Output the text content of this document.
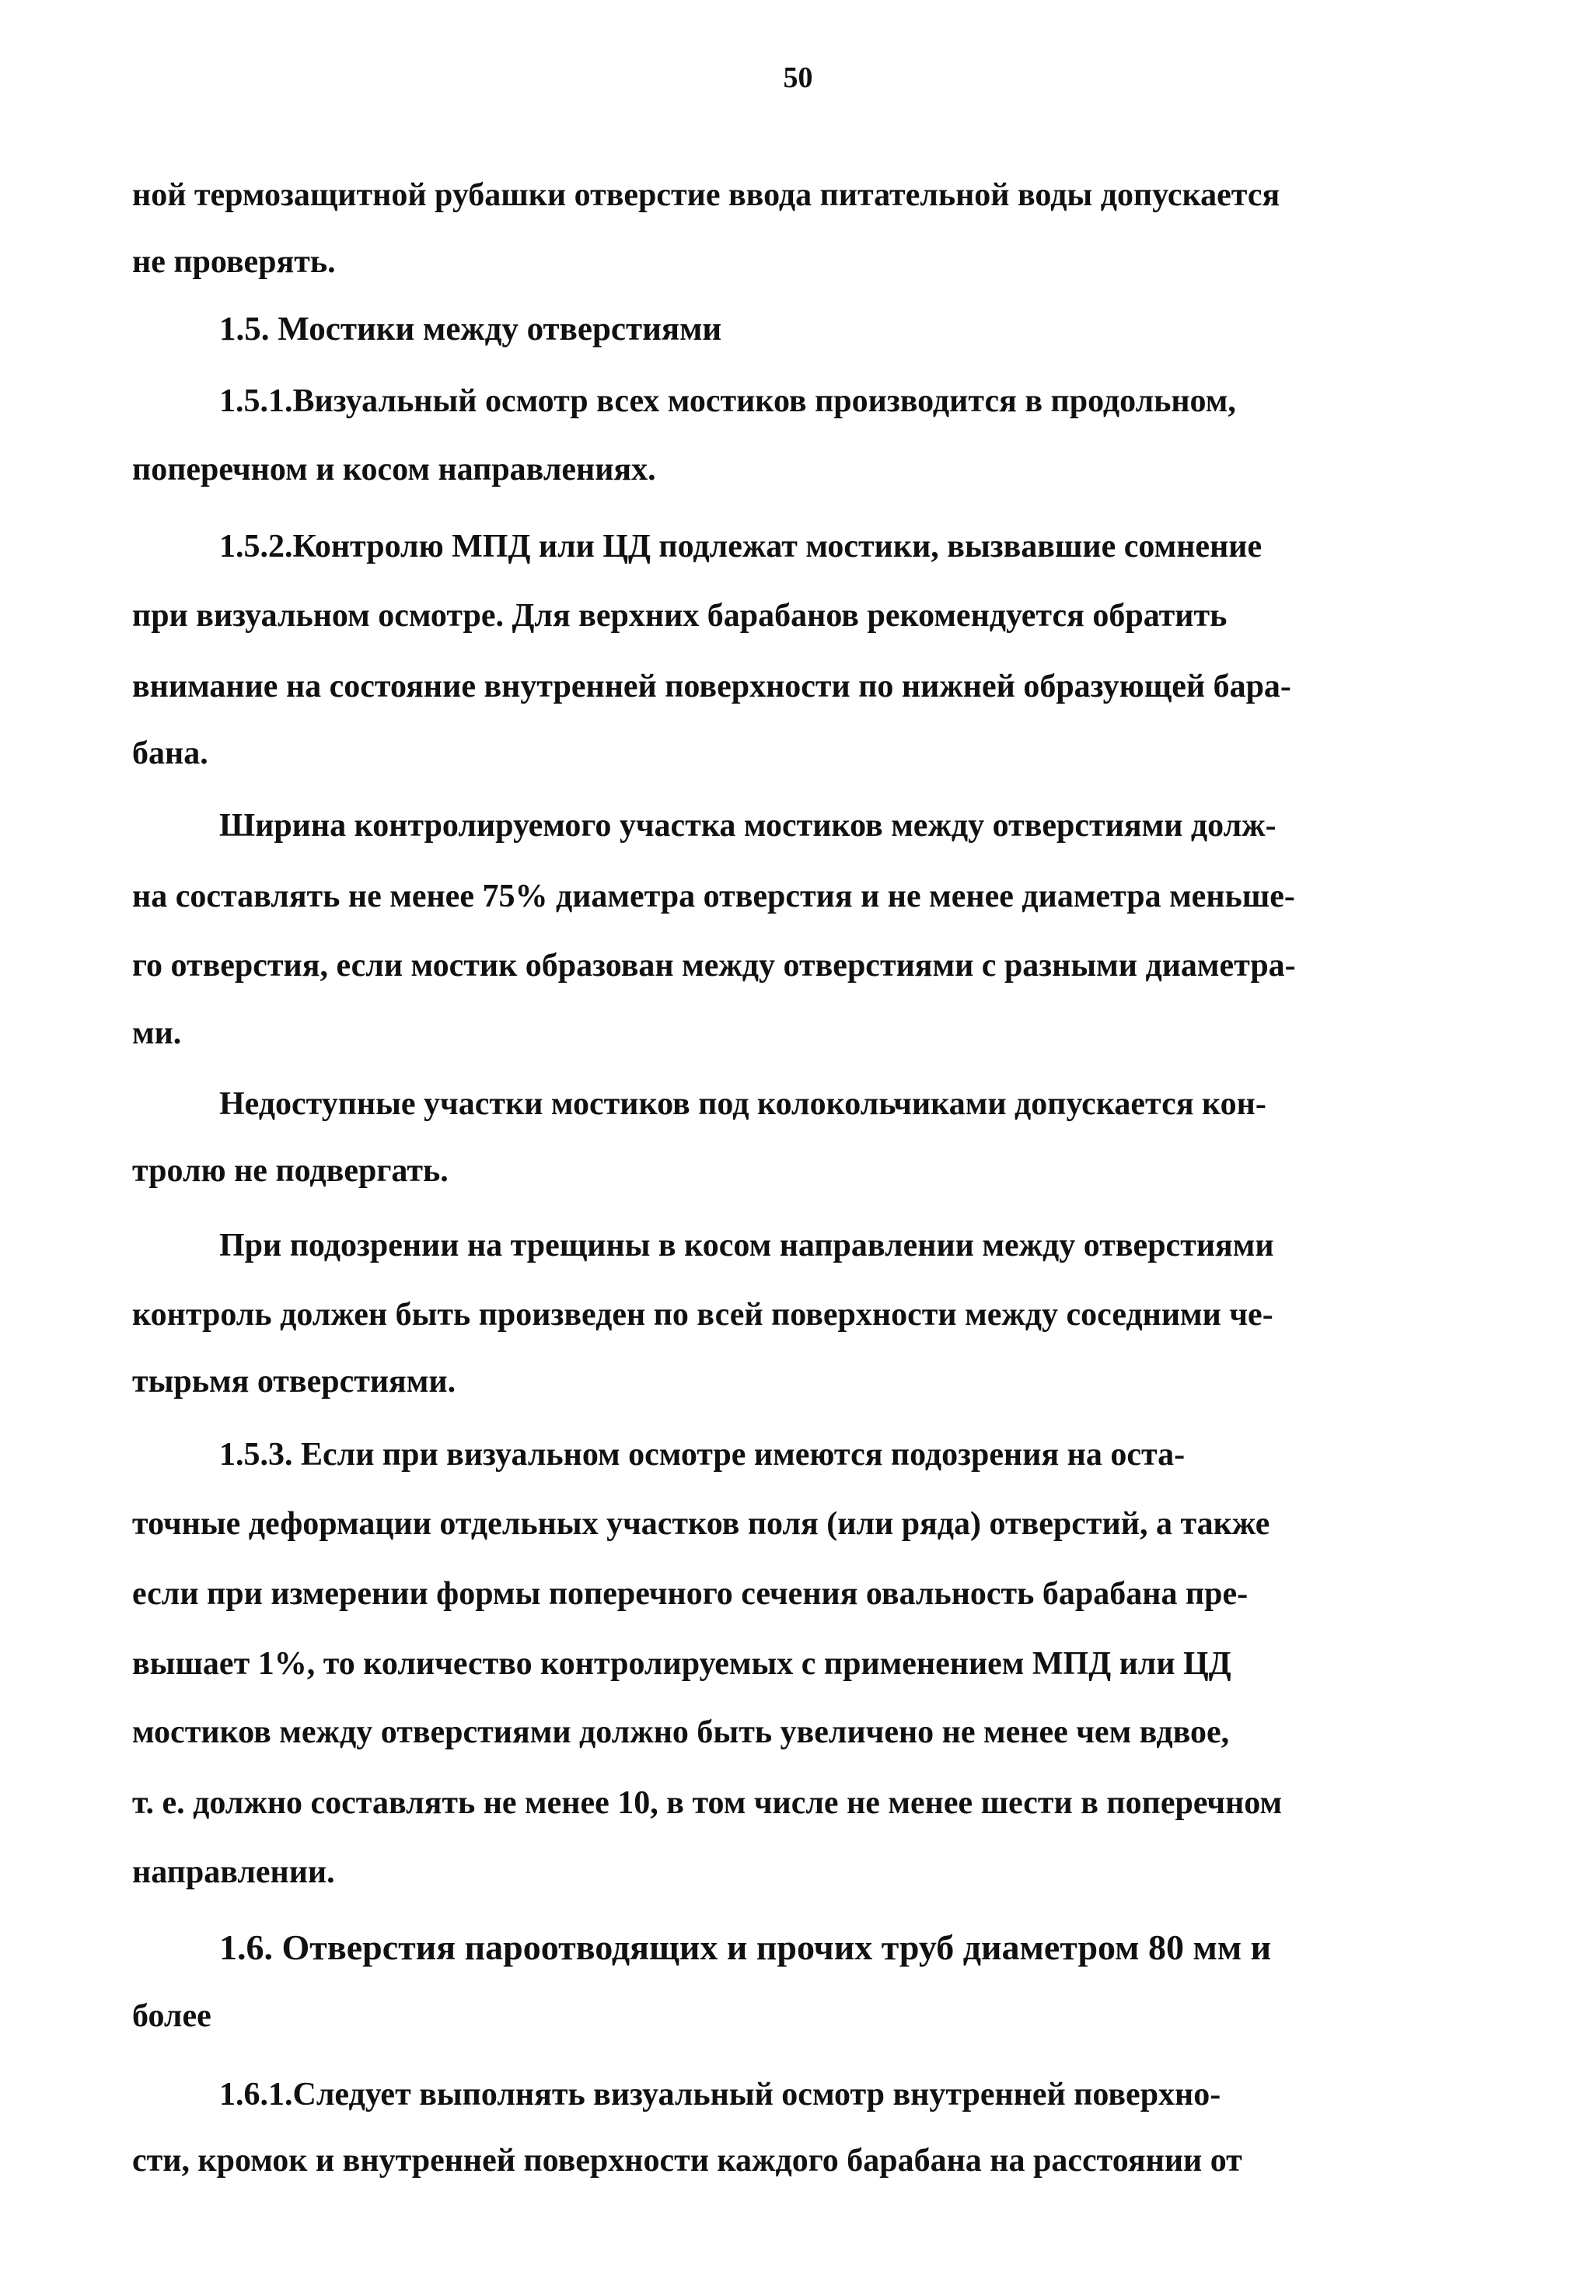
50
ной термозащитной рубашки отверстие ввода питательной воды допускается
не проверять.
1.5. Мостики между отверстиями
1.5.1.Визуальный осмотр всех мостиков производится в продольном,
поперечном и косом направлениях.
1.5.2.Контролю МПД или ЦД подлежат мостики, вызвавшие сомнение
при визуальном осмотре. Для верхних барабанов рекомендуется обратить
внимание на состояние внутренней поверхности по нижней образующей бара-
бана.
Ширина контролируемого участка мостиков между отверстиями долж-
на составлять не менее 75% диаметра отверстия и не менее диаметра меньше-
го отверстия, если мостик образован между отверстиями с разными диаметра-
ми.
Недоступные участки мостиков под колокольчиками допускается кон-
тролю не подвергать.
При подозрении на трещины в косом направлении между отверстиями
контроль должен быть произведен по всей поверхности между соседними че-
тырьмя отверстиями.
1.5.3. Если при визуальном осмотре имеются подозрения на оста-
точные деформации отдельных участков поля (или ряда) отверстий, а также
если при измерении формы поперечного сечения овальность барабана пре-
вышает 1%, то количество контролируемых с применением МПД или ЦД
мостиков между отверстиями должно быть увеличено не менее чем вдвое,
т. е. должно составлять не менее 10, в том числе не менее шести в поперечном
направлении.
1.6. Отверстия пароотводящих и прочих труб диаметром 80 мм и
более
1.6.1.Следует выполнять визуальный осмотр внутренней поверхно-
сти, кромок и внутренней поверхности каждого барабана на расстоянии от
